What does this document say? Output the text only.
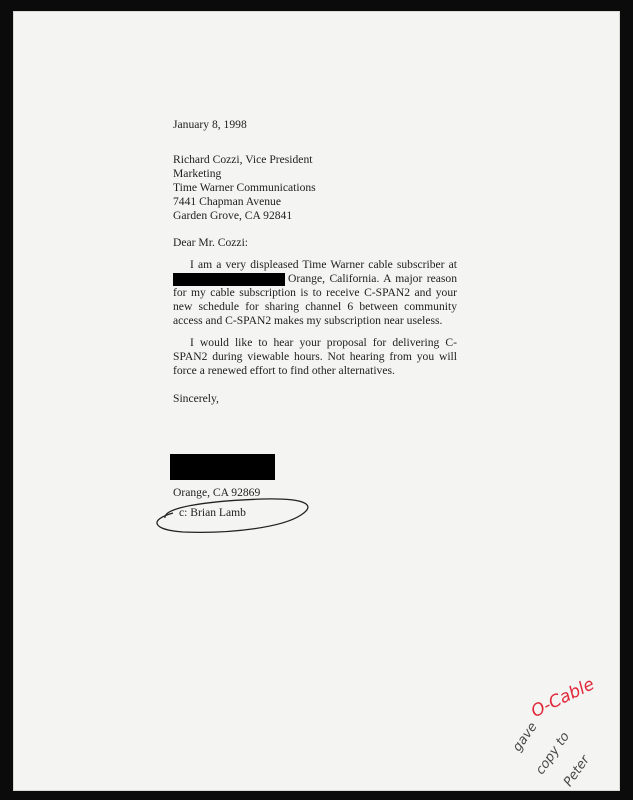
January 8, 1998

Richard Cozzi, Vice President
Marketing
Time Warner Communications
7441 Chapman Avenue
Garden Grove, CA 92841

Dear Mr. Cozzi:

I am a very displeased Time Warner cable subscriber at
Orange, California. A major reason
for my cable subscription is to receive C-SPAN2 and your
new schedule for sharing channel 6 between community
access and C-SPAN2 makes my subscription near useless.
I would like to hear your proposal for delivering C-
SPAN2 during viewable hours. Not hearing from you will
force a renewed effort to find other alternatives.

Sincerely,

Orange, CA 92869

c: Brian Lamb

O-Cable
gave
copy to
Peter
